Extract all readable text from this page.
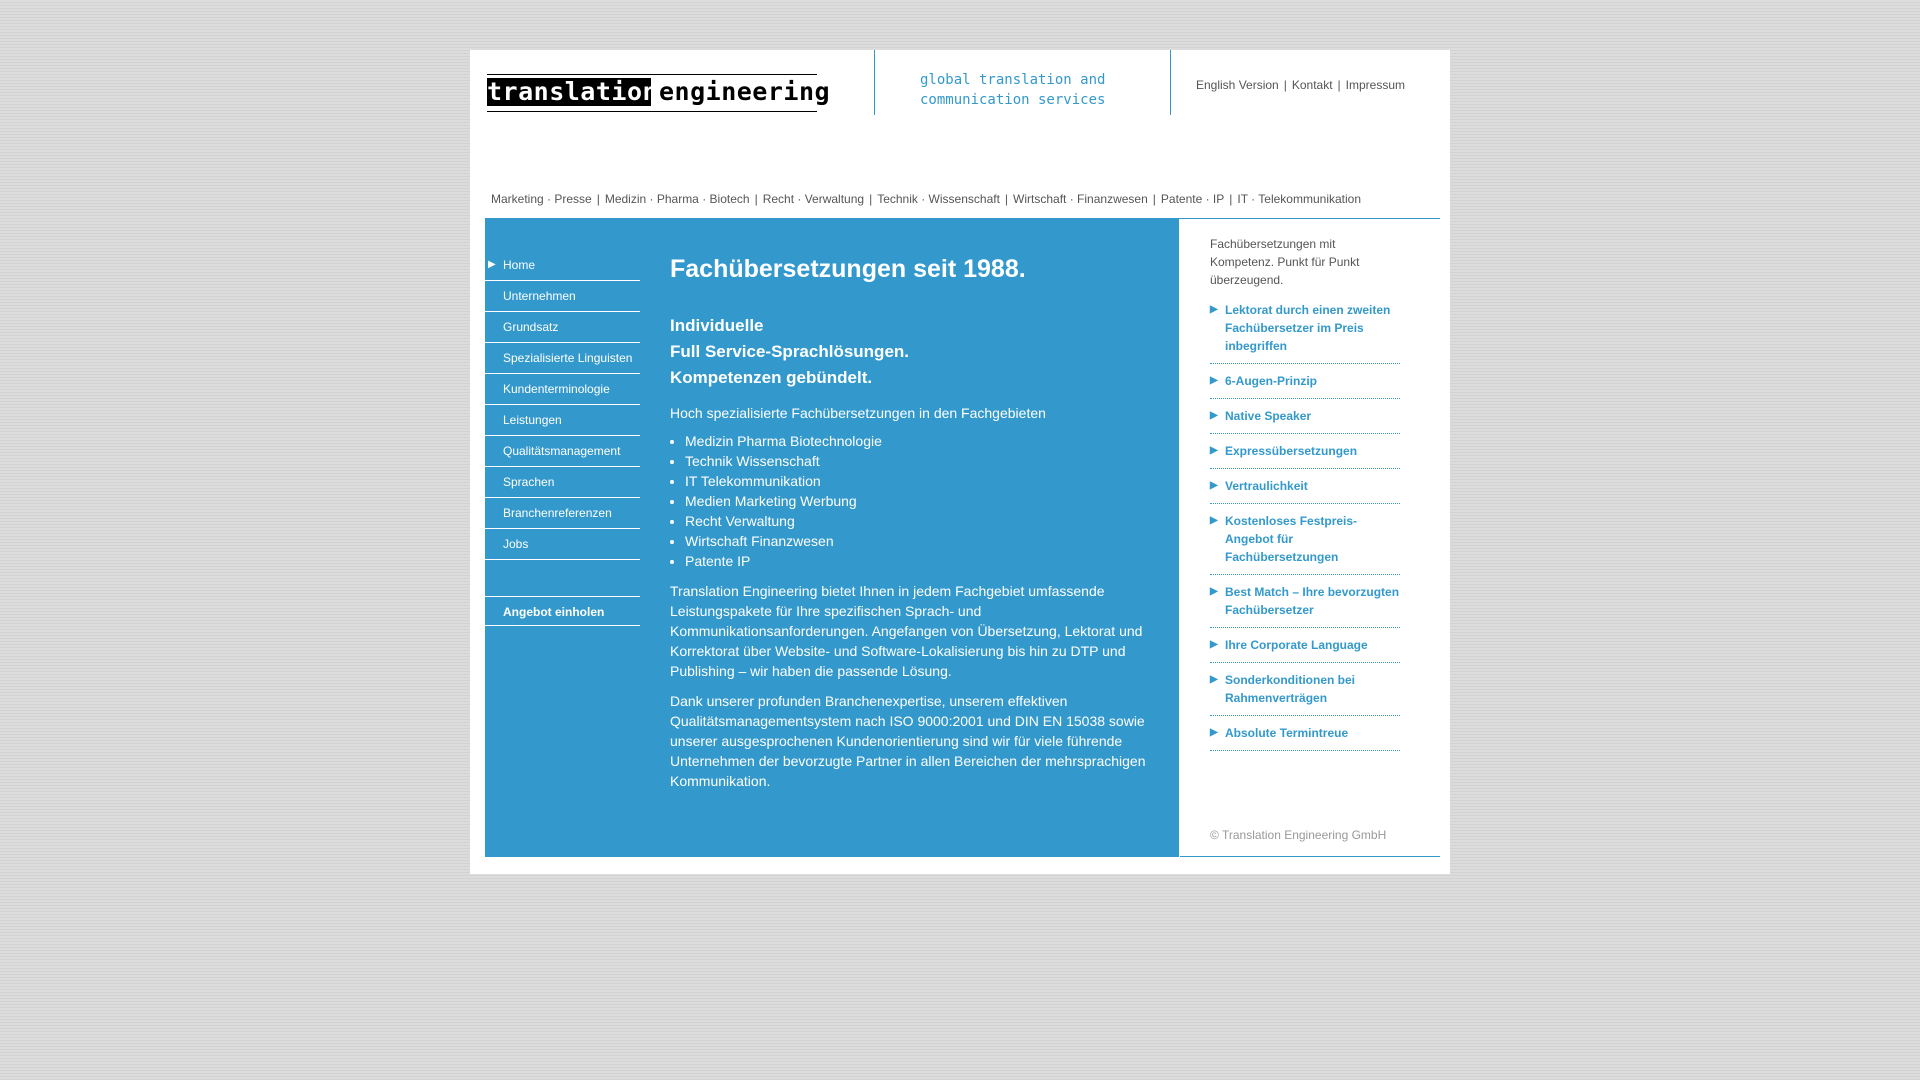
translation engineering	global translation and
communication services
English Version | Kontakt | Impressum
Marketing · Presse | Medizin · Pharma · Biotech | Recht · Verwaltung | Technik · Wissenschaft | Wirtschaft · Finanzwesen | Patente · IP | IT · Telekommunikation
▶ Home
Unternehmen
Grundsatz
Spezialisierte Linguisten
Kundenterminologie
Leistungen
Qualitätsmanagement
Sprachen
Branchenreferenzen
Jobs
Angebot einholen
Fachübersetzungen seit 1988.
Individuelle
Full Service-Sprachlösungen.
Kompetenzen gebündelt.

Hoch spezialisierte Fachübersetzungen in den Fachgebieten

• Medizin Pharma Biotechnologie
• Technik Wissenschaft
• IT Telekommunikation
• Medien Marketing Werbung
• Recht Verwaltung
• Wirtschaft Finanzwesen
• Patente IP

Translation Engineering bietet Ihnen in jedem Fachgebiet umfassende Leistungspakete für Ihre spezifischen Sprach- und Kommunikationsanforderungen. Angefangen von Übersetzung, Lektorat und Korrektorat über Website- und Software-Lokalisierung bis hin zu DTP und Publishing – wir haben die passende Lösung.

Dank unserer profunden Branchenexpertise, unserem effektiven Qualitätsmanagementsystem nach ISO 9000:2001 und DIN EN 15038 sowie unserer ausgesprochenen Kundenorientierung sind wir für viele führende Unternehmen der bevorzugte Partner in allen Bereichen der mehrsprachigen Kommunikation.

Fachübersetzungen mit Kompetenz. Punkt für Punkt überzeugend.
▶ Lektorat durch einen zweiten Fachübersetzer im Preis inbegriffen
▶ 6-Augen-Prinzip
▶ Native Speaker
▶ Expressübersetzungen
▶ Vertraulichkeit
▶ Kostenloses Festpreis-Angebot für Fachübersetzungen
▶ Best Match – Ihre bevorzugten Fachübersetzer
▶ Ihre Corporate Language
▶ Sonderkonditionen bei Rahmenverträgen
▶ Absolute Termintreue
© Translation Engineering GmbH
